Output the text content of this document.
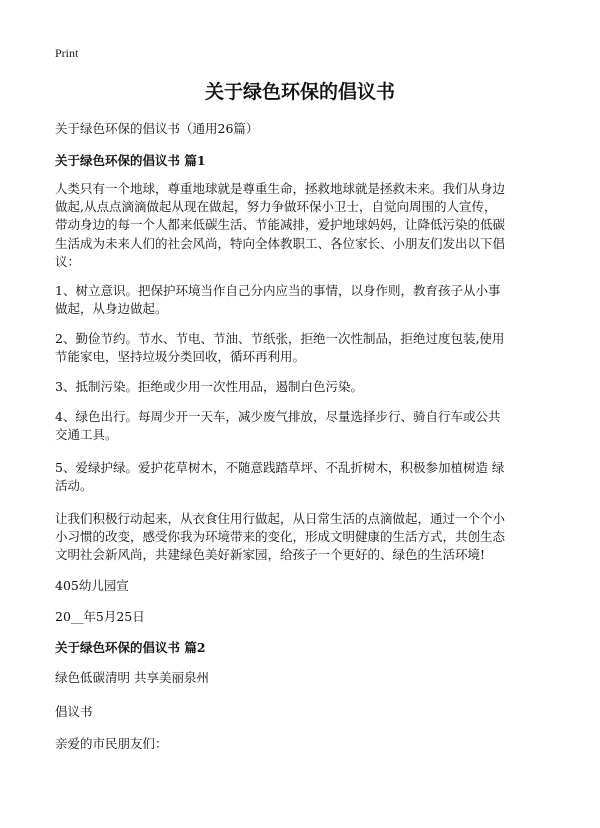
Print
关于绿色环保的倡议书
关于绿色环保的倡议书（通用26篇）
关于绿色环保的倡议书 篇1

人类只有一个地球，尊重地球就是尊重生命，拯救地球就是拯救未来。我们从身边
做起,从点点滴滴做起从现在做起，努力争做环保小卫士，自觉向周围的人宣传，
带动身边的每一个人都来低碳生活、节能减排，爱护地球妈妈，让降低污染的低碳
生活成为未来人们的社会风尚，特向全体教职工、各位家长、小朋友们发出以下倡
议：

1、树立意识。把保护环境当作自己分内应当的事情，以身作则，教育孩子从小事
做起，从身边做起。

2、勤俭节约。节水、节电、节油、节纸张，拒绝一次性制品，拒绝过度包装,使用
节能家电，坚持垃圾分类回收，循环再利用。

3、抵制污染。拒绝或少用一次性用品，遏制白色污染。

4、绿色出行。每周少开一天车，减少废气排放，尽量选择步行、骑自行车或公共
交通工具。

5、爱绿护绿。爱护花草树木，不随意践踏草坪、不乱折树木，积极参加植树造 绿
活动。

让我们积极行动起来，从衣食住用行做起，从日常生活的点滴做起，通过一个个小
小习惯的改变，感受你我为环境带来的变化，形成文明健康的生活方式，共创生态
文明社会新风尚，共建绿色美好新家园，给孩子一个更好的、绿色的生活环境!

405幼儿园宣
20__年5月25日
关于绿色环保的倡议书 篇2
绿色低碳清明 共享美丽泉州
倡议书
亲爱的市民朋友们：
